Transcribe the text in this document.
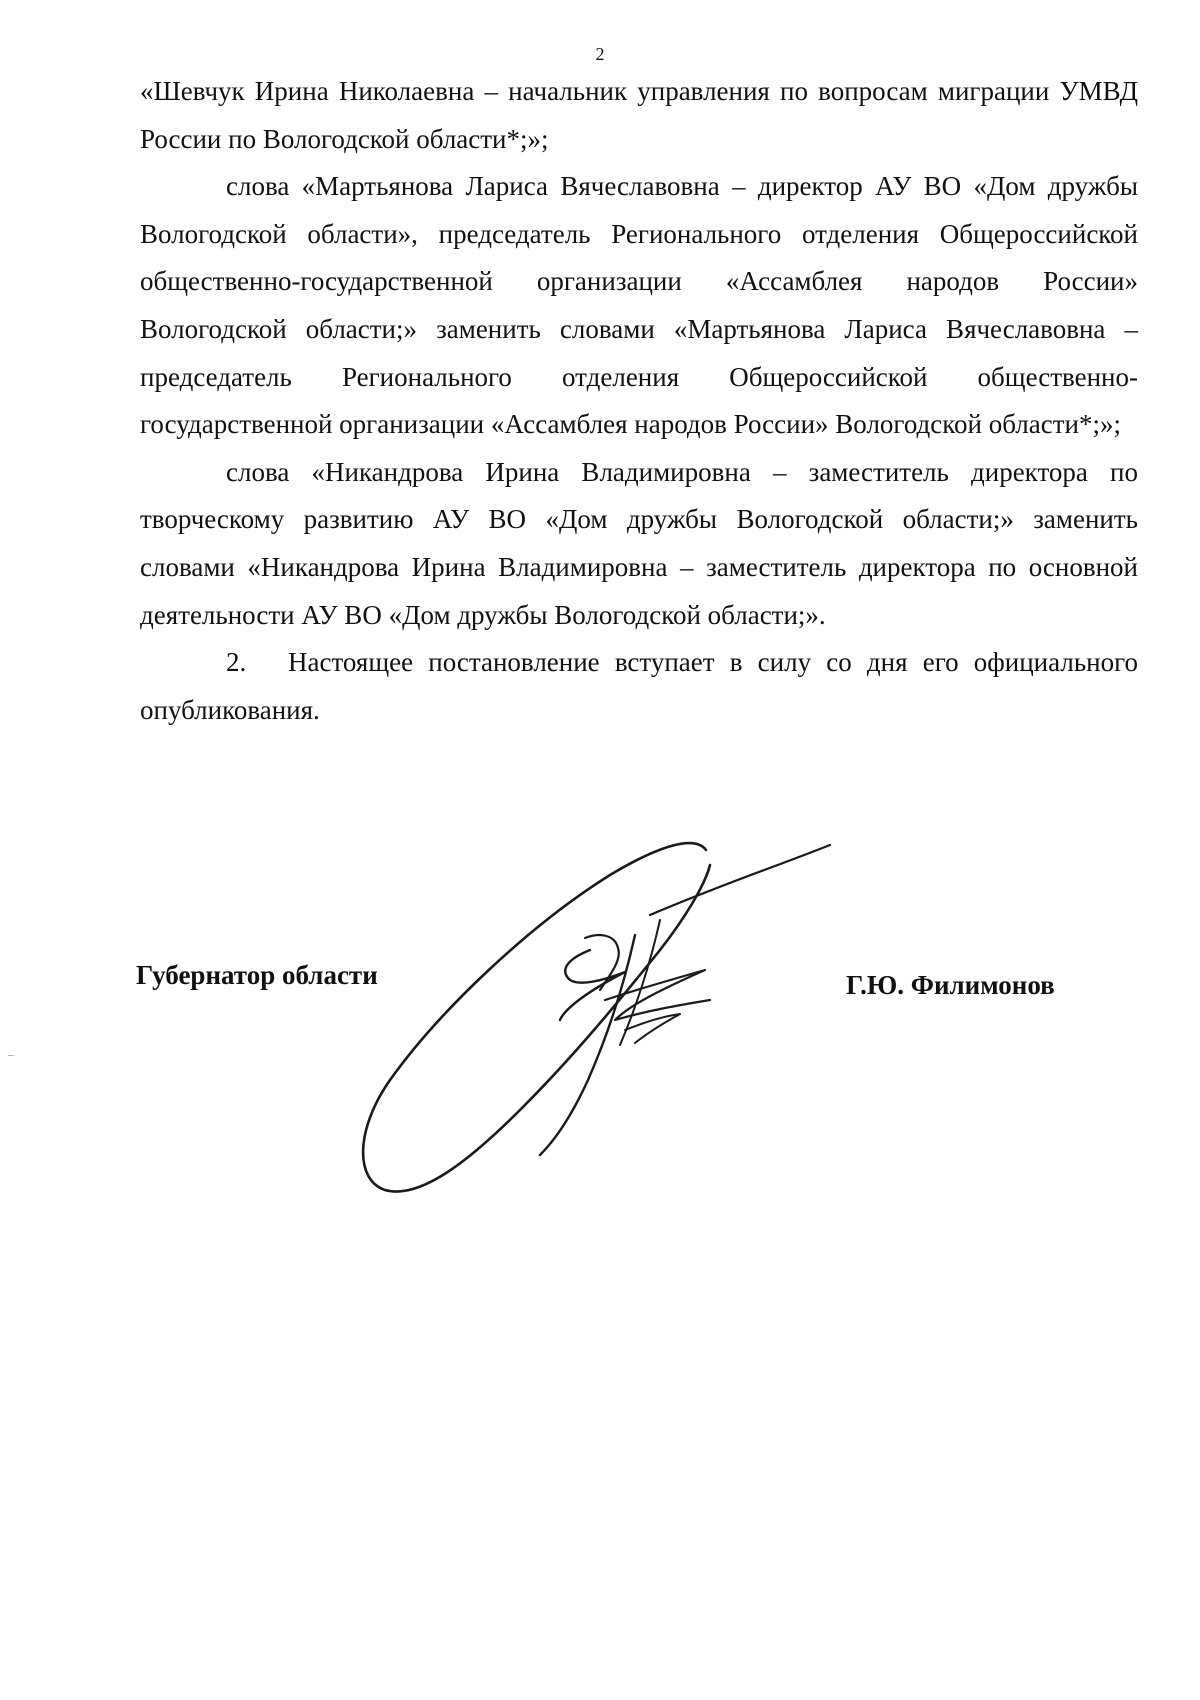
2

«Шевчук Ирина Николаевна – начальник управления по вопросам миграции УМВД России по Вологодской области*;»;

слова «Мартьянова Лариса Вячеславовна – директор АУ ВО «Дом дружбы Вологодской области», председатель Регионального отделения Общероссийской общественно-государственной организации «Ассамблея народов России» Вологодской области;» заменить словами «Мартьянова Лариса Вячеславовна – председатель Регионального отделения Общероссийской общественно-государственной организации «Ассамблея народов России» Вологодской области*;»;

слова «Никандрова Ирина Владимировна – заместитель директора по творческому развитию АУ ВО «Дом дружбы Вологодской области;» заменить словами «Никандрова Ирина Владимировна – заместитель директора по основной деятельности АУ ВО «Дом дружбы Вологодской области;».

2. Настоящее постановление вступает в силу со дня его официального опубликования.

Губернатор области	Г.Ю. Филимонов
